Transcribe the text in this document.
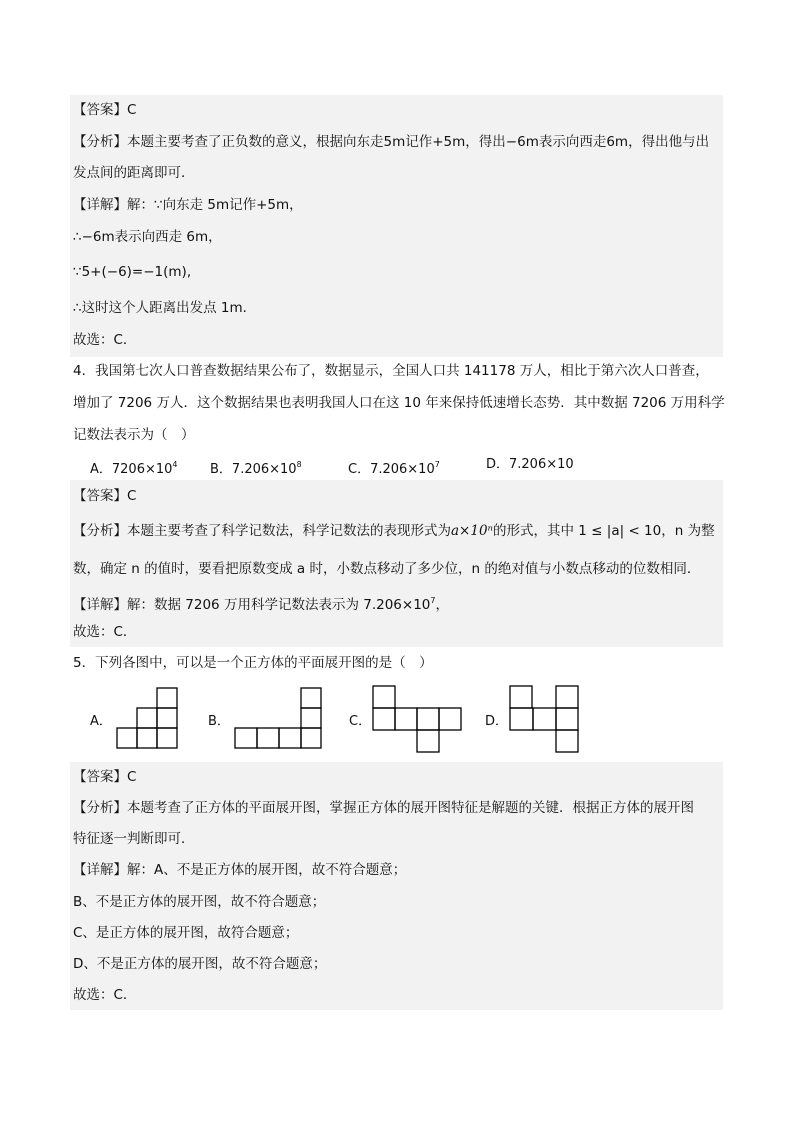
【答案】C
【分析】本题主要考查了正负数的意义，根据向东走5m记作+5m，得出−6m表示向西走6m，得出他与出
发点间的距离即可．
【详解】解：∵向东走 5m记作+5m，
∴−6m表示向西走 6m，
∵5+(−6)=−1(m),
∴这时这个人距离出发点 1m．
故选：C．
4．我国第七次人口普查数据结果公布了，数据显示，全国人口共 141178 万人，相比于第六次人口普查，
增加了 7206 万人．这个数据结果也表明我国人口在这 10 年来保持低速增长态势．其中数据 7206 万用科学
记数法表示为（　）
A．$7206\times 10^4$ B．$7.206\times 10^8$	C．$7.206\times 10^7$	D．7.206×10
【答案】C
【分析】本题主要考查了科学记数法，科学记数法的表现形式为a×10ⁿ的形式，其中 1 ≤ |a| < 10，n 为整
数，确定 n 的值时，要看把原数变成 a 时，小数点移动了多少位，n 的绝对值与小数点移动的位数相同．
【详解】解：数据 7206 万用科学记数法表示为 $7.206\times 10^7$，
故选：C．
5．下列各图中，可以是一个正方体的平面展开图的是（　）
A．	B．	C．	D．
【答案】C
【分析】本题考查了正方体的平面展开图，掌握正方体的展开图特征是解题的关键．根据正方体的展开图
特征逐一判断即可．
【详解】解：A、不是正方体的展开图，故不符合题意；
B、不是正方体的展开图，故不符合题意；
C、是正方体的展开图，故符合题意；
D、不是正方体的展开图，故不符合题意；
故选：C．
